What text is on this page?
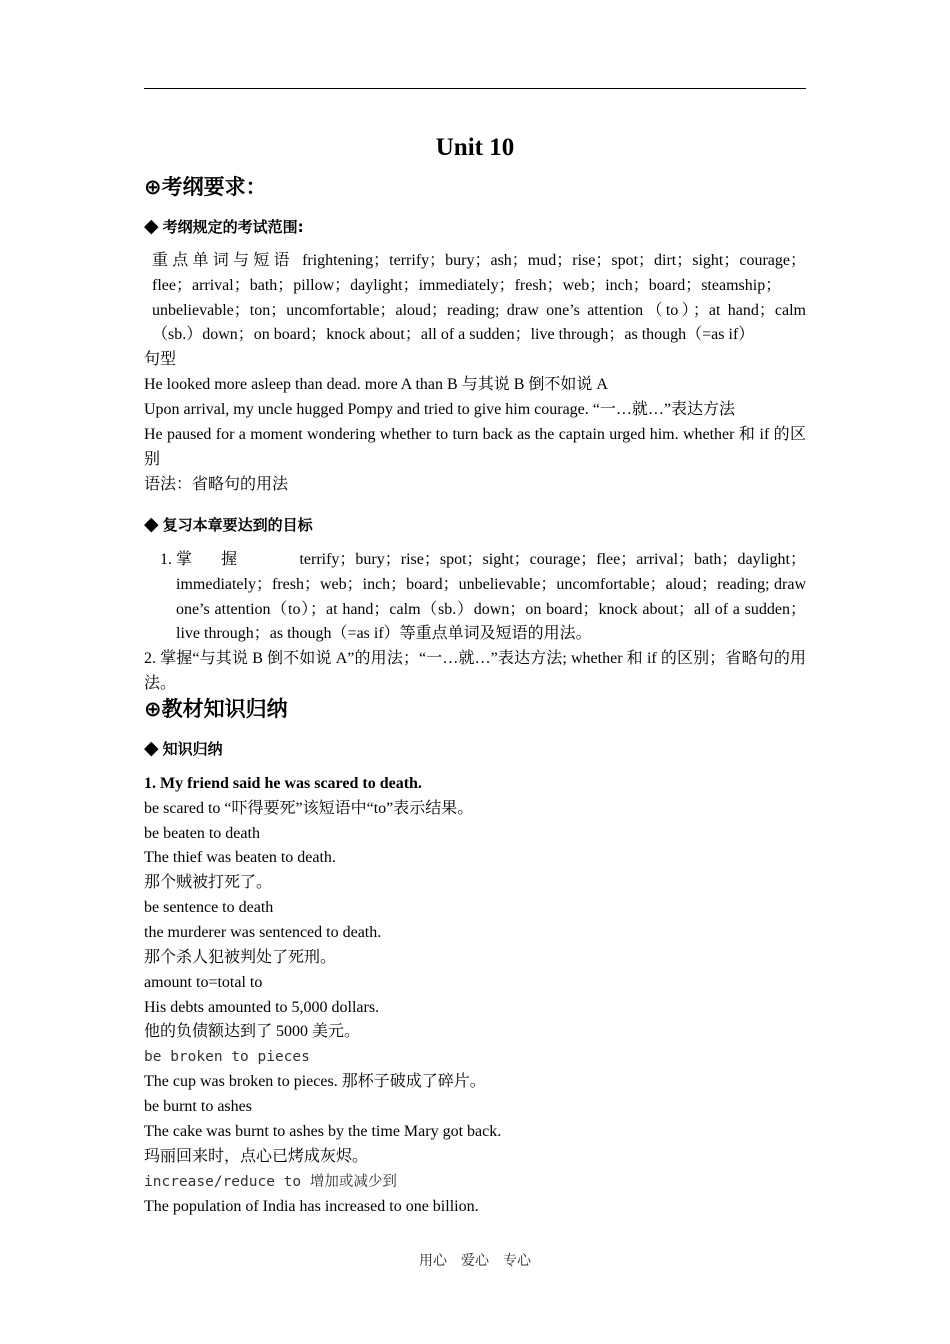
Unit 10
⊕考纲要求：
◆ 考纲规定的考试范围:
重点单词与短语 frightening；terrify；bury；ash；mud；rise；spot；dirt；sight；courage；flee；arrival；bath；pillow；daylight；immediately；fresh；web；inch；board；steamship；unbelievable；ton；uncomfortable；aloud；reading; draw one’s attention（to）；at hand；calm（sb.）down；on board；knock about；all of a sudden；live through；as though（=as if）
句型
He looked more asleep than dead. more A than B 与其说 B 倒不如说 A
Upon arrival, my uncle hugged Pompy and tried to give him courage. “一…就…”表达方法
He paused for a moment wondering whether to turn back as the captain urged him. whether 和 if 的区别
语法：省略句的用法
◆ 复习本章要达到的目标
1. 掌握 terrify；bury；rise；spot；sight；courage；flee；arrival；bath；daylight；immediately；fresh；web；inch；board；unbelievable；uncomfortable；aloud；reading; draw one’s attention（to）；at hand；calm（sb.）down；on board；knock about；all of a sudden；live through；as though（=as if）等重点单词及短语的用法。
2. 掌握“与其说 B 倒不如说 A”的用法；“一…就…”表达方法; whether 和 if 的区别；省略句的用法。
⊕教材知识归纳
◆ 知识归纳
1. My friend said he was scared to death.
be scared to “吓得要死”该短语中“to”表示结果。
be beaten to death
The thief was beaten to death.
那个贼被打死了。
be sentence to death
the murderer was sentenced to death.
那个杀人犯被判处了死刑。
amount to=total to
His debts amounted to 5,000 dollars.
他的负债额达到了 5000 美元。
be broken to pieces
The cup was broken to pieces. 那杯子破成了碎片。
be burnt to ashes
The cake was burnt to ashes by the time Mary got back.
玛丽回来时，点心已烤成灰烬。
increase/reduce to 增加或减少到
The population of India has increased to one billion.
用心　爱心　专心
